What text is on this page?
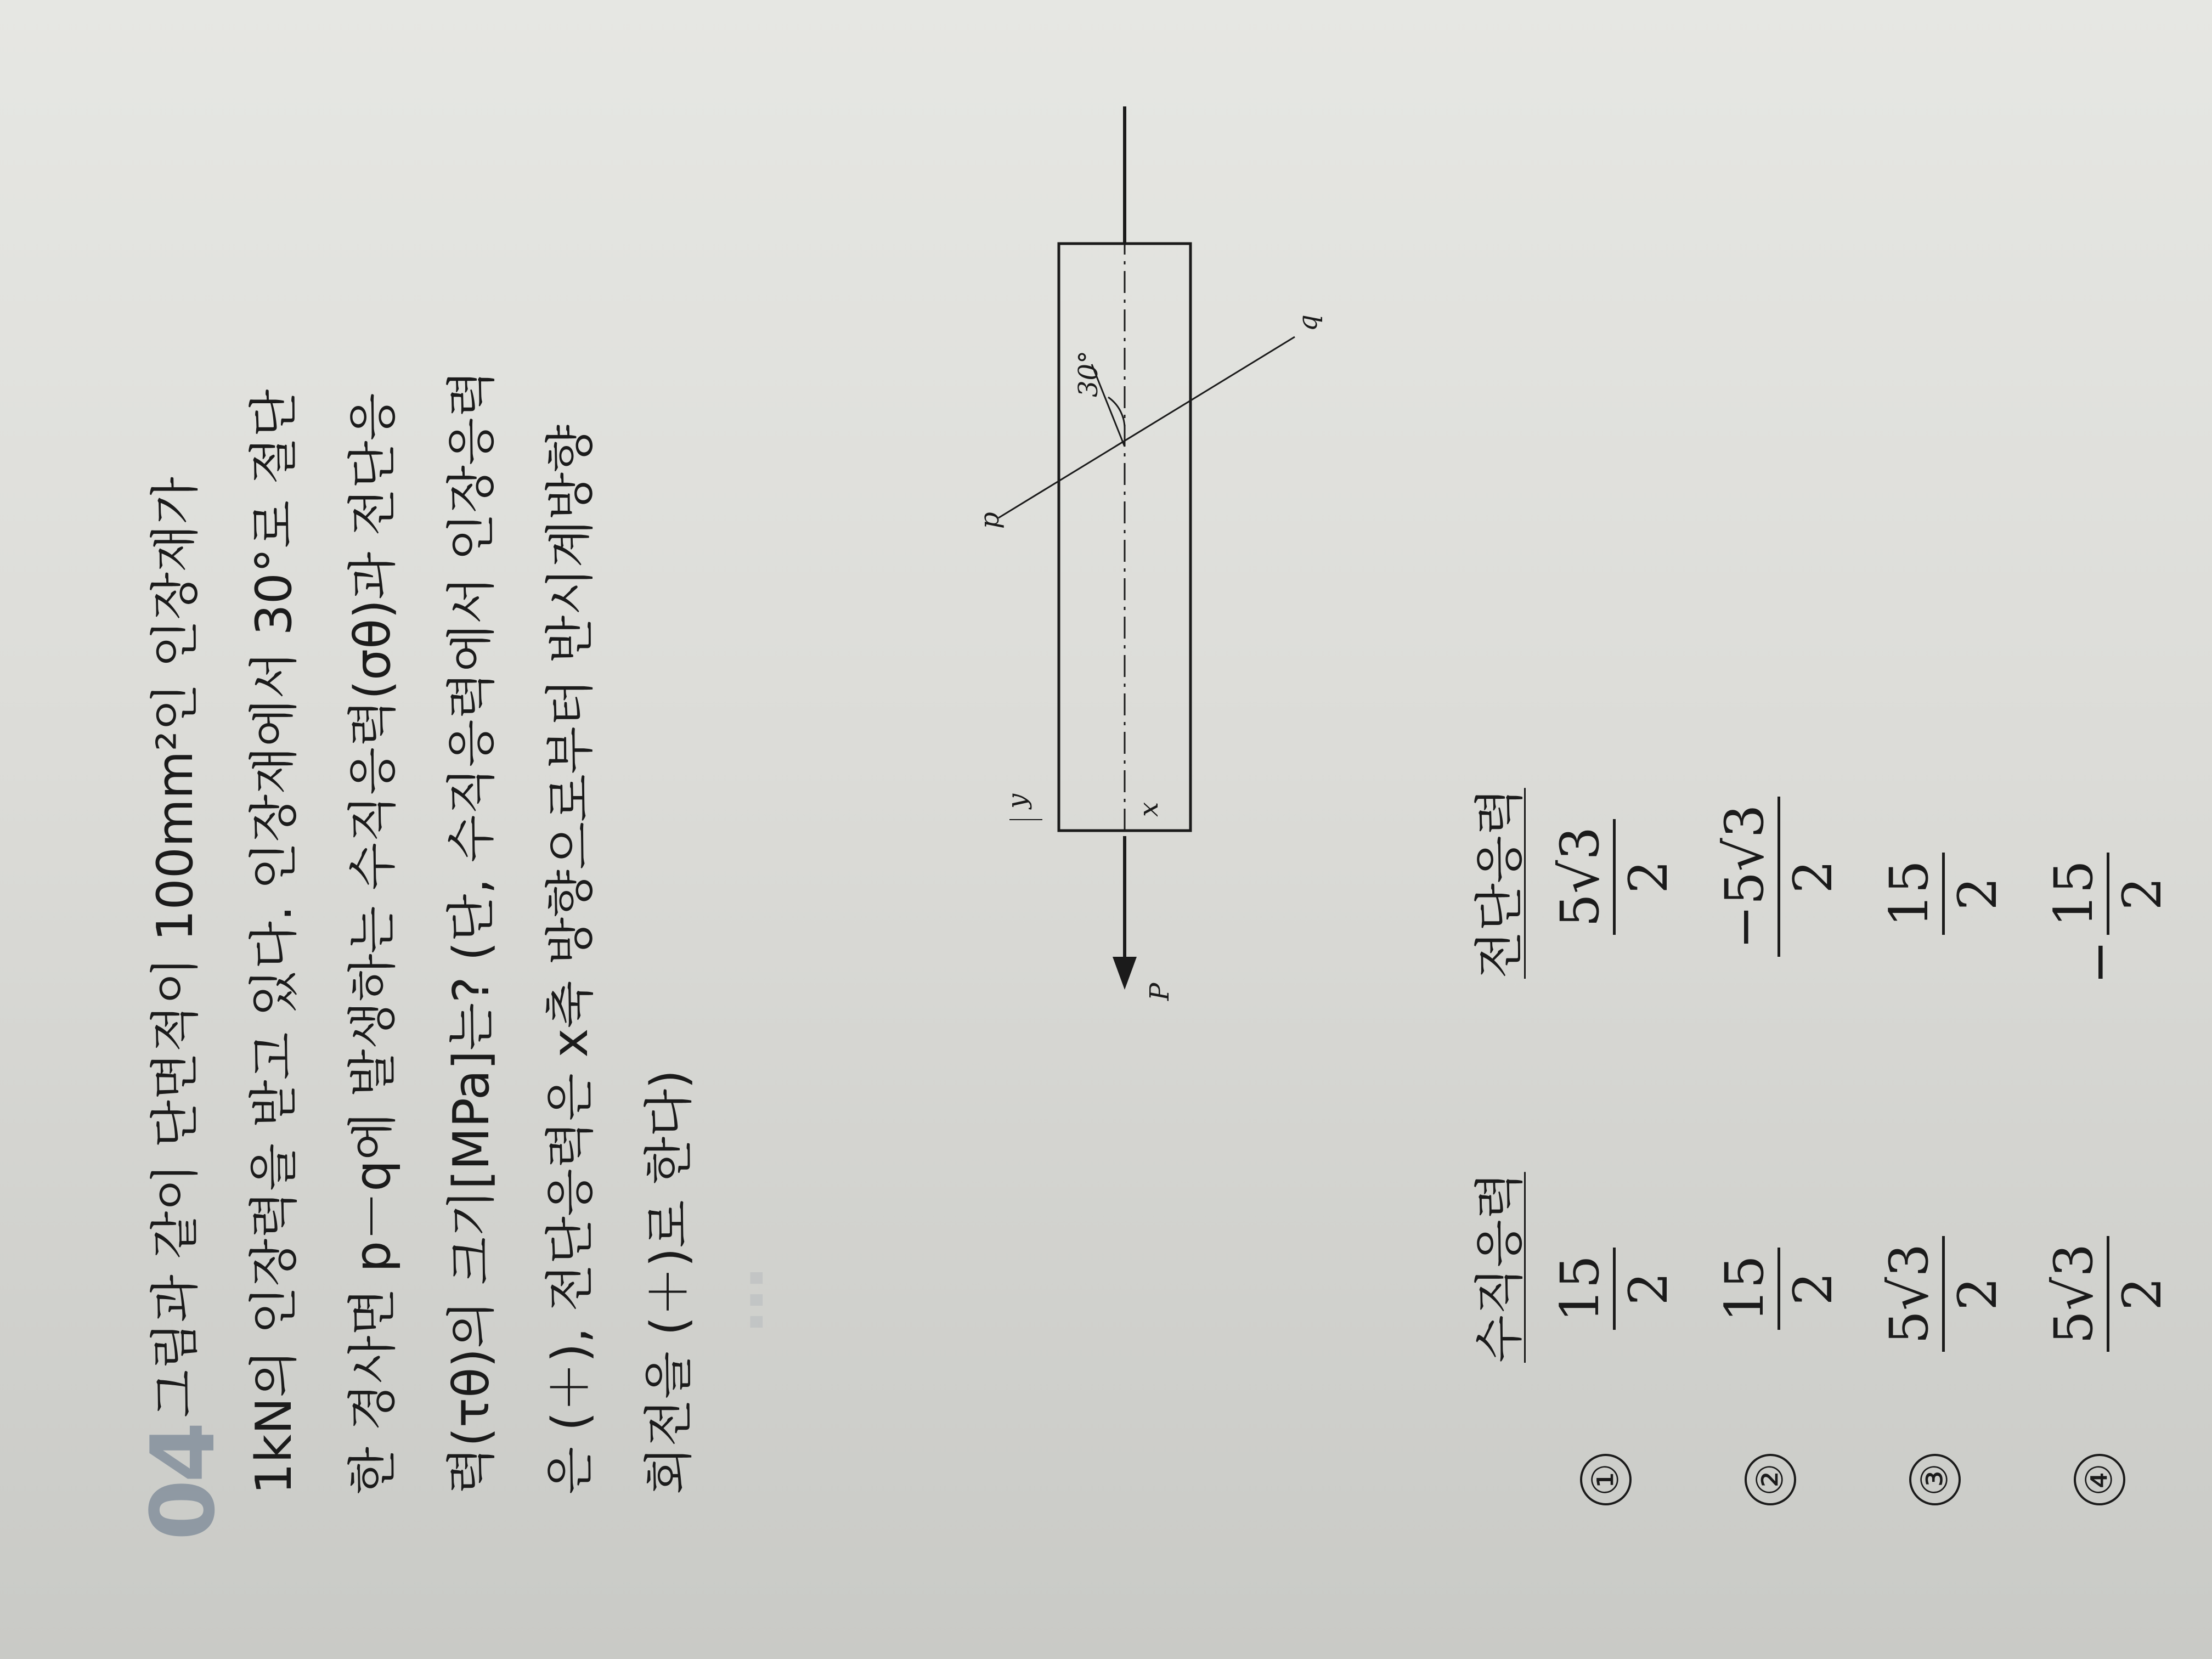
⋯
04
그림과 같이 단면적이 100mm²인 인장재가 1kN의 인장력을 받고 있다. 인장재에서 30°로 절단 한 경사면 p－q에 발생하는 수직응력(σθ)과 전단응 력(τθ)의 크기[MPa]는? (단, 수직응력에서 인장응력 은 (＋), 전단응력은 x축 방향으로부터 반시계방향 회전을 (＋)로 한다)
P
x
y
p
q
30°
수직응력
전단응력
①
15 2
5√3 2
②
15 2
−5√3 2
③
5√3 2
15 2
④
5√3 2
−
15 2
